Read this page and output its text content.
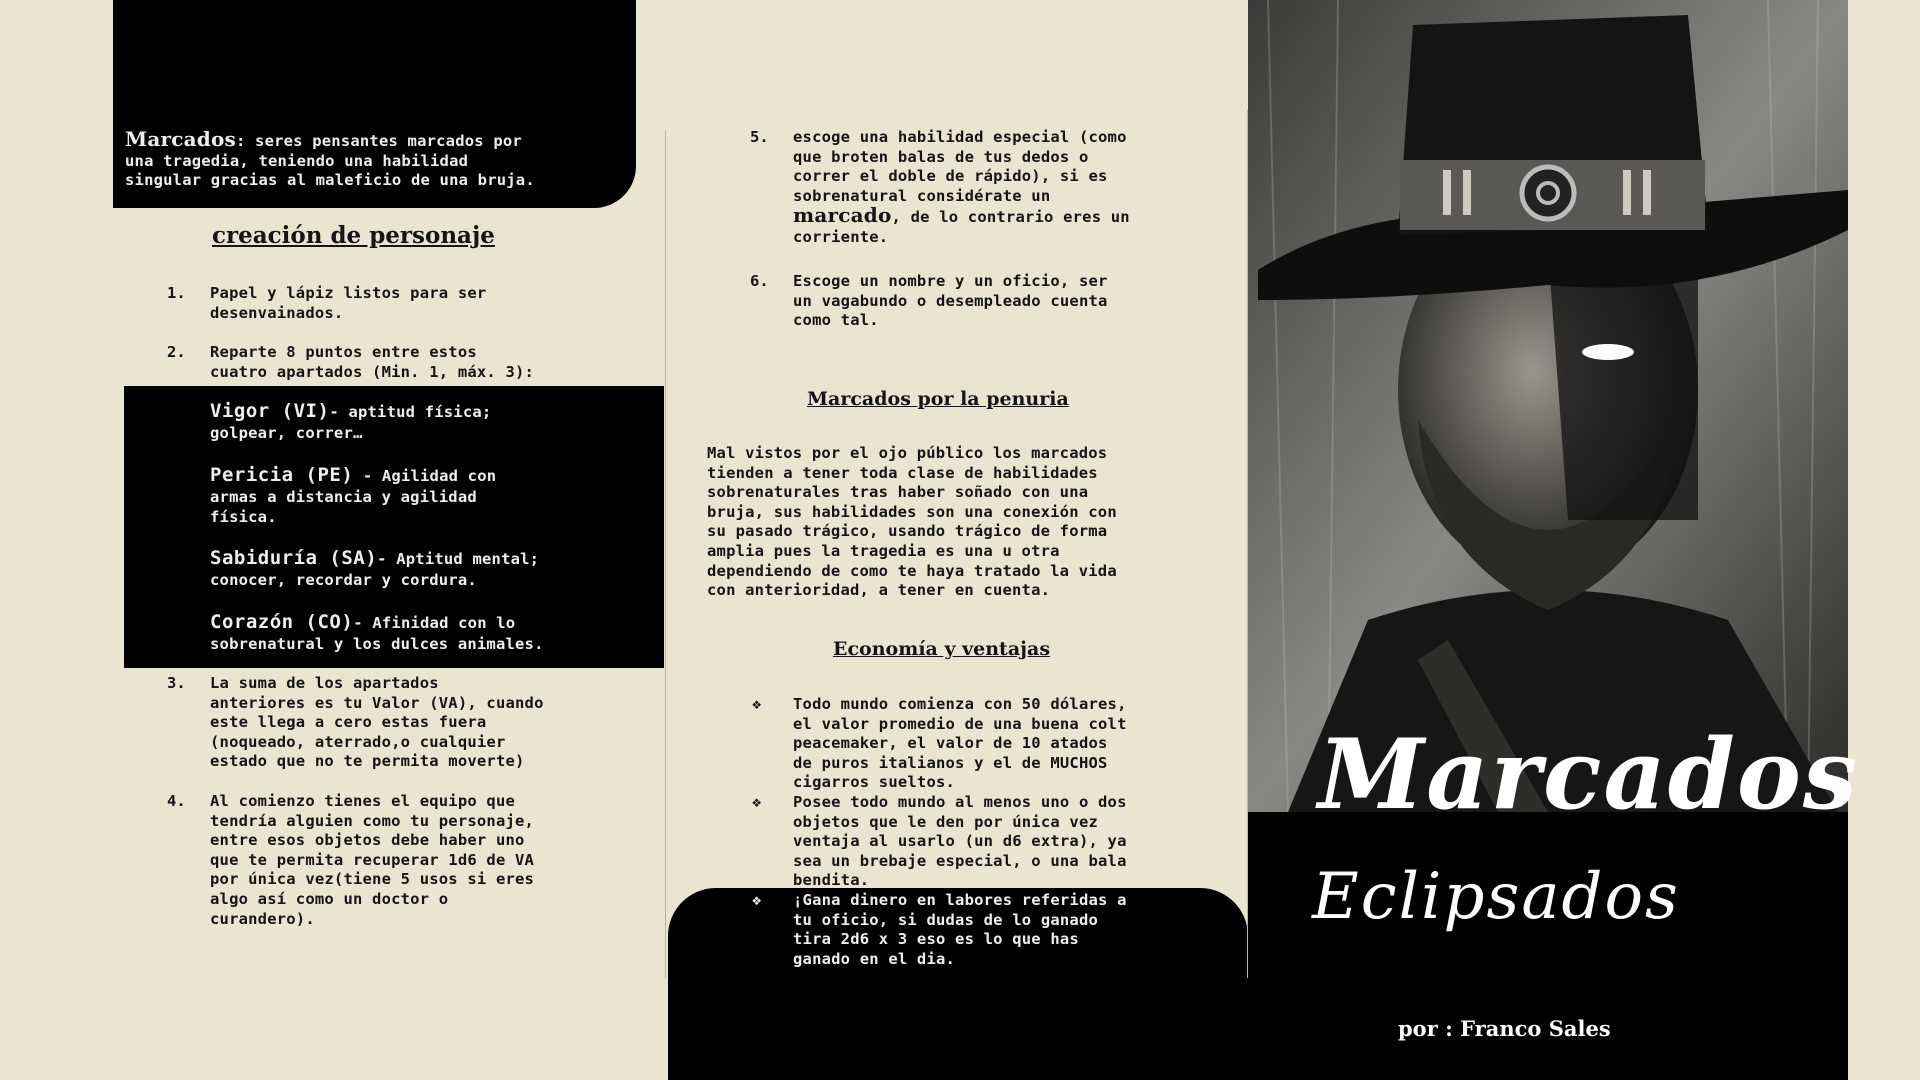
Marcados: seres pensantes marcados por
una tragedia, teniendo una habilidad
singular gracias al maleficio de una bruja.
creación de personaje
1. Papel y lápiz listos para ser
desenvainados.
2. Reparte 8 puntos entre estos
cuatro apartados (Min. 1, máx. 3):
Vigor (VI)- aptitud física;
golpear, correr…
Pericia (PE) - Agilidad con
armas a distancia y agilidad
física.
Sabiduría (SA)- Aptitud mental;
conocer, recordar y cordura.
Corazón (CO)- Afinidad con lo
sobrenatural y los dulces animales.
3. La suma de los apartados
anteriores es tu Valor (VA), cuando
este llega a cero estas fuera
(noqueado, aterrado,o cualquier
estado que no te permita moverte)
4. Al comienzo tienes el equipo que
tendría alguien como tu personaje,
entre esos objetos debe haber uno
que te permita recuperar 1d6 de VA
por única vez(tiene 5 usos si eres
algo así como un doctor o
curandero).
5. escoge una habilidad especial (como
que broten balas de tus dedos o
correr el doble de rápido), si es
sobrenatural considérate un
marcado, de lo contrario eres un
corriente.
6. Escoge un nombre y un oficio, ser
un vagabundo o desempleado cuenta
como tal.
Marcados por la penuria
Mal vistos por el ojo público los marcados
tienden a tener toda clase de habilidades
sobrenaturales tras haber soñado con una
bruja, sus habilidades son una conexión con
su pasado trágico, usando trágico de forma
amplia pues la tragedia es una u otra
dependiendo de como te haya tratado la vida
con anterioridad, a tener en cuenta.
Economía y ventajas
❖ Todo mundo comienza con 50 dólares,
el valor promedio de una buena colt
peacemaker, el valor de 10 atados
de puros italianos y el de MUCHOS
cigarros sueltos.
❖ Posee todo mundo al menos uno o dos
objetos que le den por única vez
ventaja al usarlo (un d6 extra), ya
sea un brebaje especial, o una bala
bendita.
❖ ¡Gana dinero en labores referidas a
tu oficio, si dudas de lo ganado
tira 2d6 x 3 eso es lo que has
ganado en el dia.
Marcados
Eclipsados
por : Franco Sales
